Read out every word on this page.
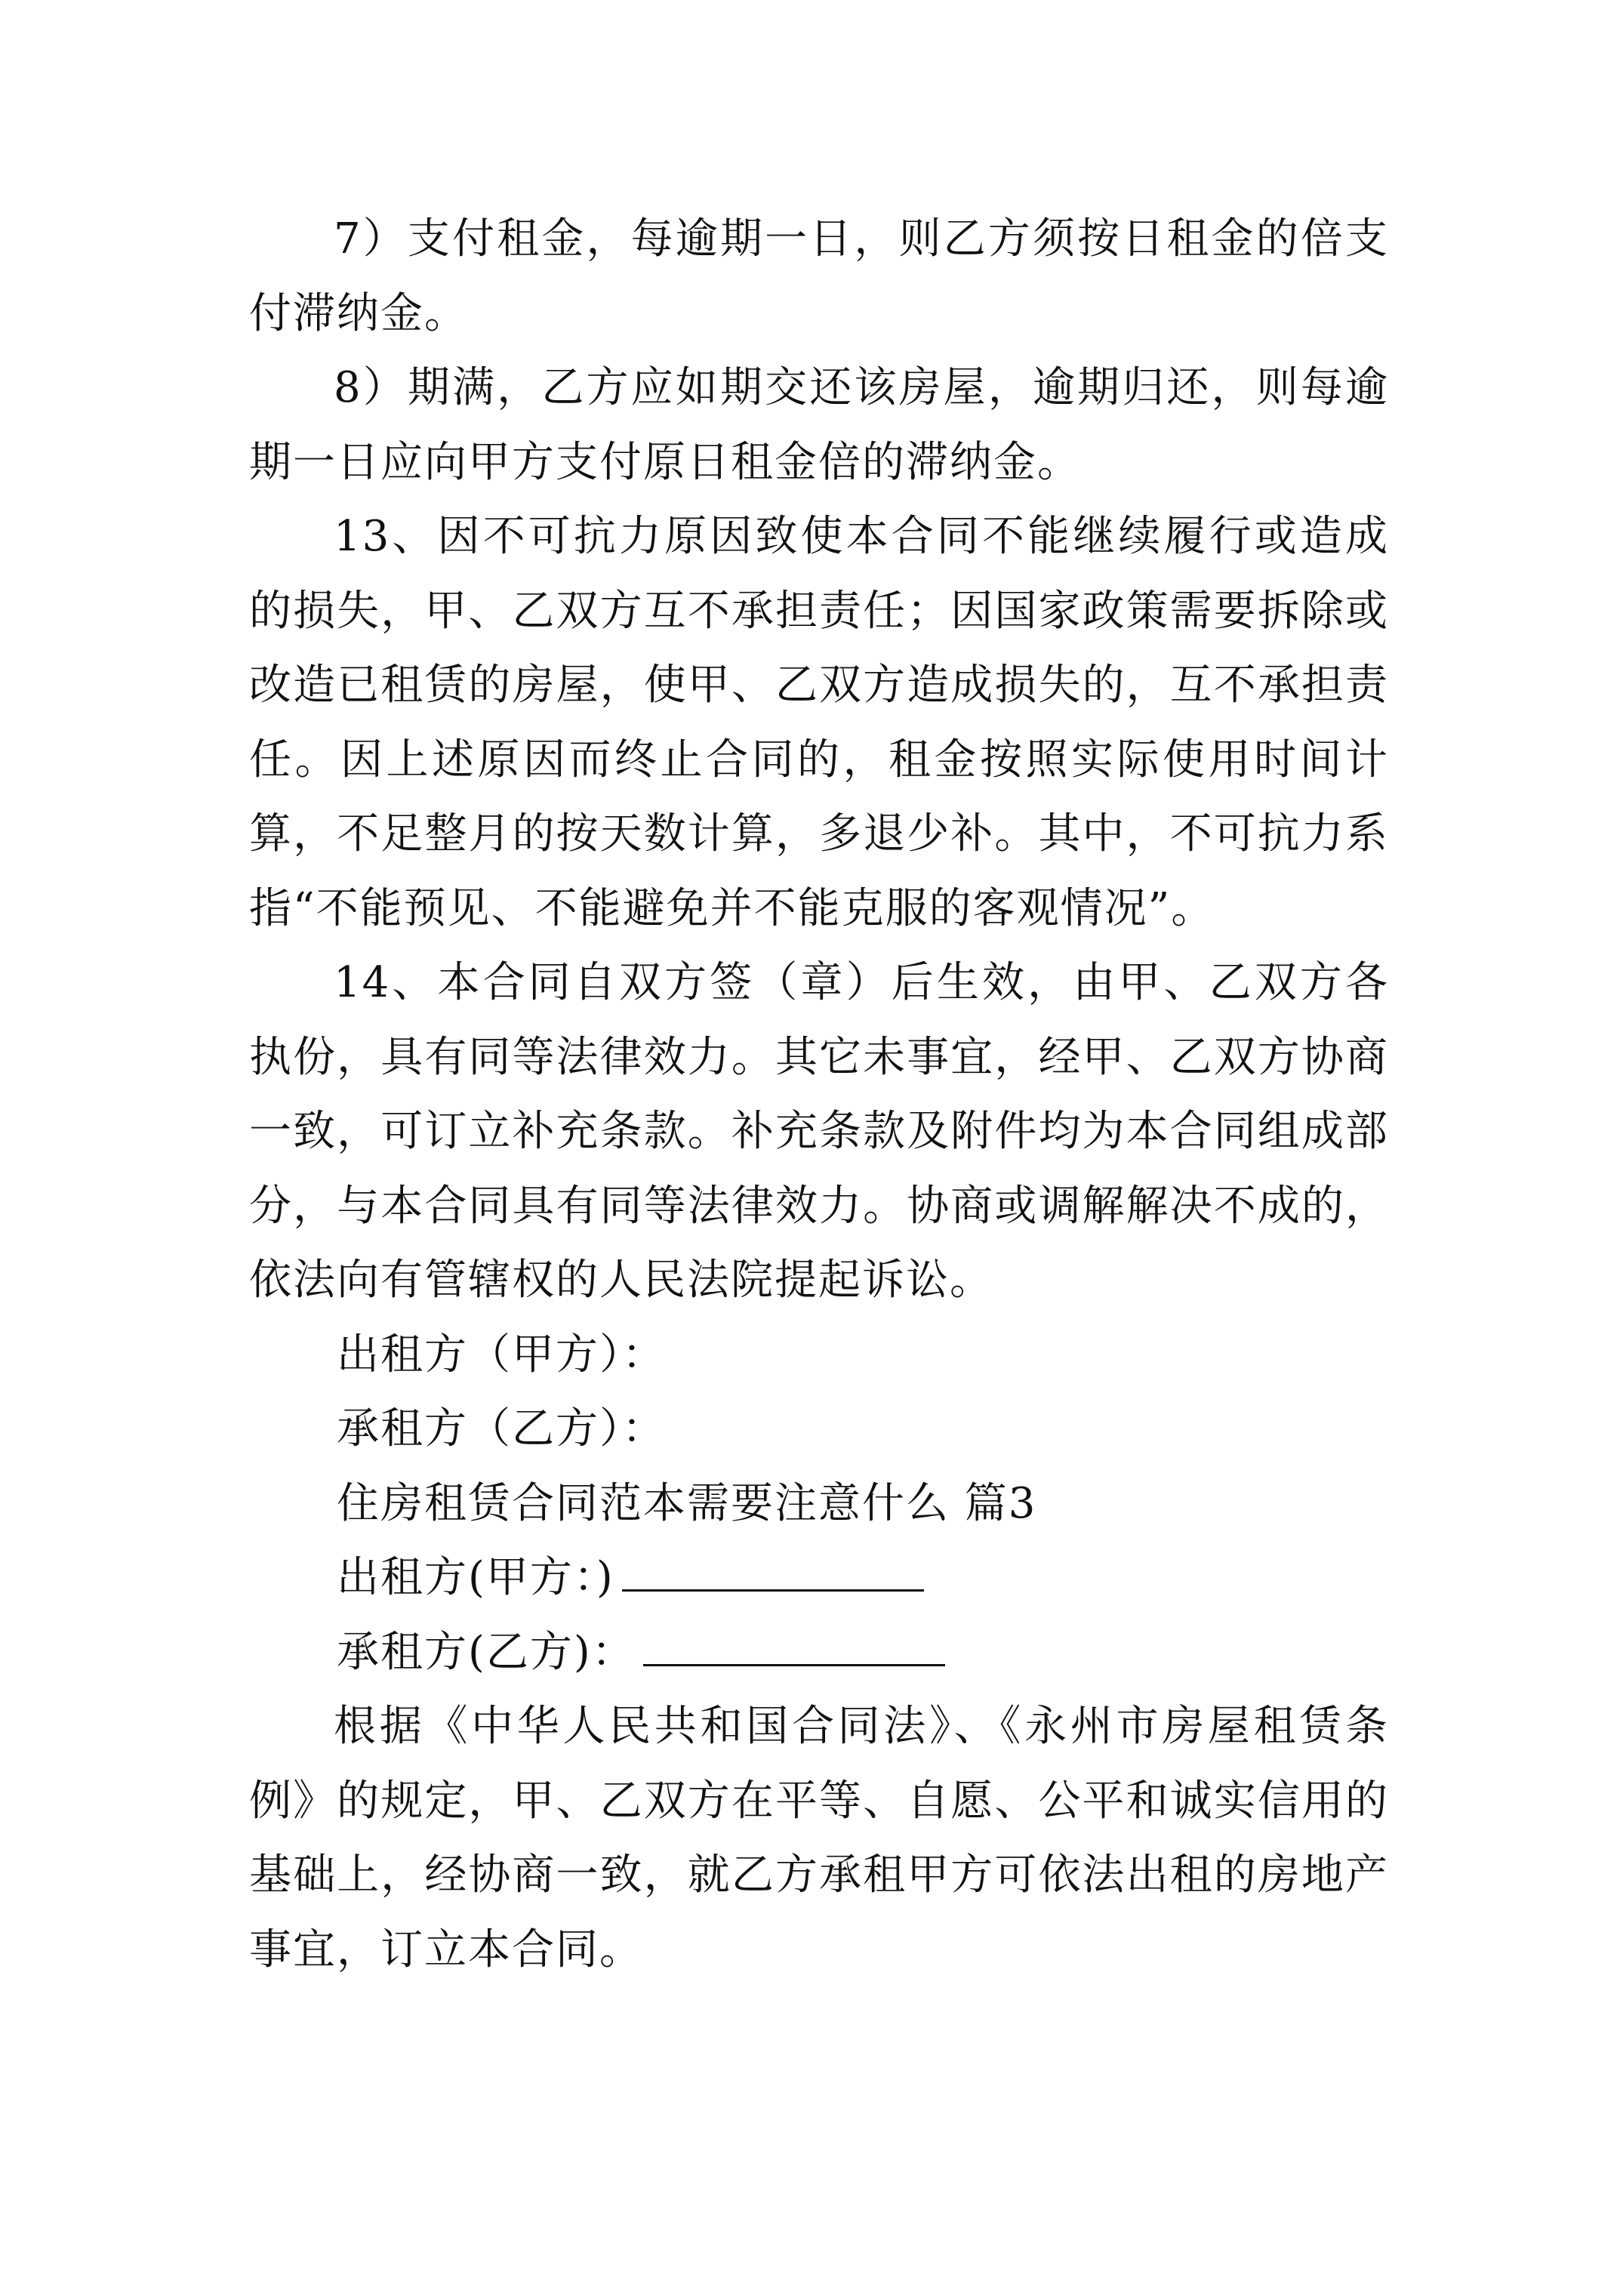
7）支付租金，每逾期一日，则乙方须按日租金的倍支付滞纳金。

8）期满，乙方应如期交还该房屋，逾期归还，则每逾期一日应向甲方支付原日租金倍的滞纳金。

13、因不可抗力原因致使本合同不能继续履行或造成的损失，甲、乙双方互不承担责任；因国家政策需要拆除或改造已租赁的房屋，使甲、乙双方造成损失的，互不承担责任。因上述原因而终止合同的，租金按照实际使用时间计算，不足整月的按天数计算，多退少补。其中，不可抗力系指“不能预见、不能避免并不能克服的客观情况”。

14、本合同自双方签（章）后生效，由甲、乙双方各执份，具有同等法律效力。其它未事宜，经甲、乙双方协商一致，可订立补充条款。补充条款及附件均为本合同组成部分，与本合同具有同等法律效力。协商或调解解决不成的，依法向有管辖权的人民法院提起诉讼。

出租方（甲方）：

承租方（乙方）：

住房租赁合同范本需要注意什么 篇3

出租方(甲方：)

承租方(乙方)：

根据《中华人民共和国合同法》、《永州市房屋租赁条例》的规定，甲、乙双方在平等、自愿、公平和诚实信用的基础上，经协商一致，就乙方承租甲方可依法出租的房地产事宜，订立本合同。
